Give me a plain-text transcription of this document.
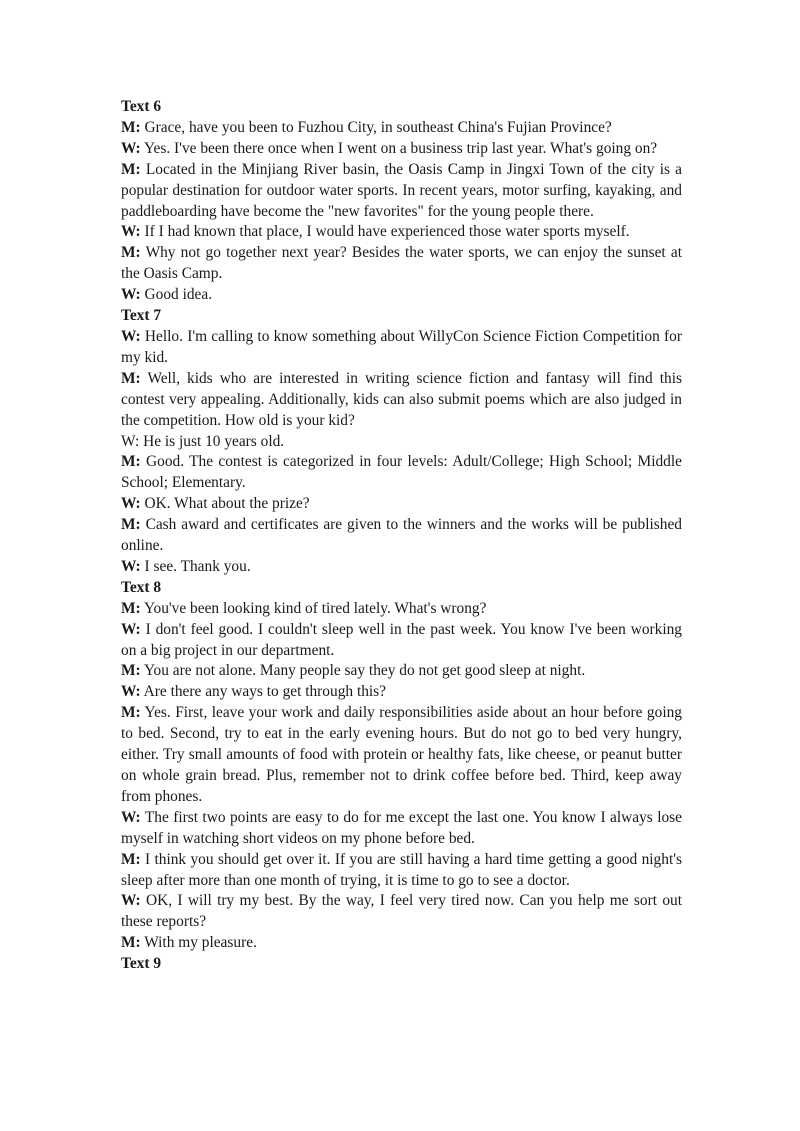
Text 6

M: Grace, have you been to Fuzhou City, in southeast China's Fujian Province?

W: Yes. I've been there once when I went on a business trip last year. What's going on?

M: Located in the Minjiang River basin, the Oasis Camp in Jingxi Town of the city is a popular destination for outdoor water sports. In recent years, motor surfing, kayaking, and paddleboarding have become the "new favorites" for the young people there.

W: If I had known that place, I would have experienced those water sports myself.

M: Why not go together next year? Besides the water sports, we can enjoy the sunset at the Oasis Camp.

W: Good idea.

Text 7

W: Hello. I'm calling to know something about WillyCon Science Fiction Competition for my kid.

M: Well, kids who are interested in writing science fiction and fantasy will find this contest very appealing. Additionally, kids can also submit poems which are also judged in the competition. How old is your kid?

W: He is just 10 years old.

M: Good. The contest is categorized in four levels: Adult/College; High School; Middle School; Elementary.

W: OK. What about the prize?

M: Cash award and certificates are given to the winners and the works will be published online.

W: I see. Thank you.

Text 8

M: You've been looking kind of tired lately. What's wrong?

W: I don't feel good. I couldn't sleep well in the past week. You know I've been working on a big project in our department.

M: You are not alone. Many people say they do not get good sleep at night.

W: Are there any ways to get through this?

M: Yes. First, leave your work and daily responsibilities aside about an hour before going to bed. Second, try to eat in the early evening hours. But do not go to bed very hungry, either. Try small amounts of food with protein or healthy fats, like cheese, or peanut butter on whole grain bread. Plus, remember not to drink coffee before bed. Third, keep away from phones.

W: The first two points are easy to do for me except the last one. You know I always lose myself in watching short videos on my phone before bed.

M: I think you should get over it. If you are still having a hard time getting a good night's sleep after more than one month of trying, it is time to go to see a doctor.

W: OK, I will try my best. By the way, I feel very tired now. Can you help me sort out these reports?

M: With my pleasure.

Text 9
